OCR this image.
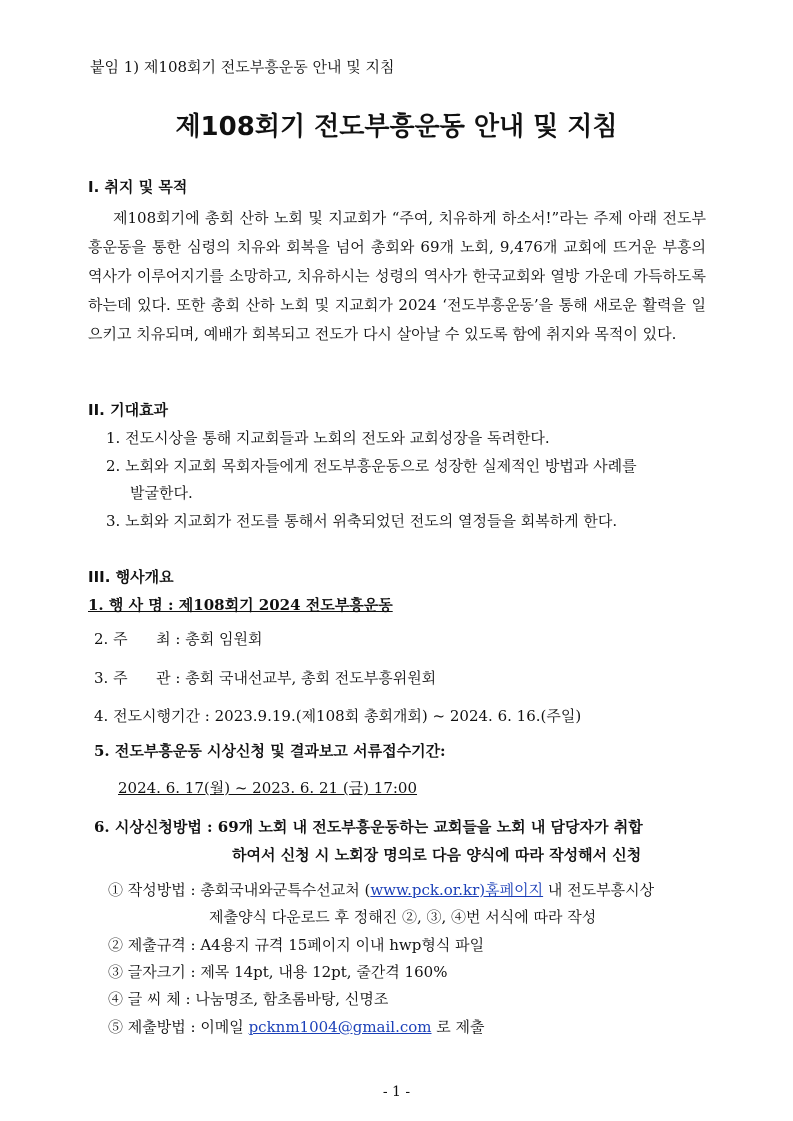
붙임 1) 제108회기 전도부흥운동 안내 및 지침
제108회기 전도부흥운동 안내 및 지침
I. 취지 및 목적

제108회기에 총회 산하 노회 및 지교회가 “주여, 치유하게 하소서!”라는 주제 아래 전도부흥운동을 통한 심령의 치유와 회복을 넘어 총회와 69개 노회, 9,476개 교회에 뜨거운 부흥의 역사가 이루어지기를 소망하고, 치유하시는 성령의 역사가 한국교회와 열방 가운데 가득하도록 하는데 있다. 또한 총회 산하 노회 및 지교회가 2024 ‘전도부흥운동’을 통해 새로운 활력을 일으키고 치유되며, 예배가 회복되고 전도가 다시 살아날 수 있도록 함에 취지와 목적이 있다.

II. 기대효과
1. 전도시상을 통해 지교회들과 노회의 전도와 교회성장을 독려한다.
2. 노회와 지교회 목회자들에게 전도부흥운동으로 성장한 실제적인 방법과 사례를
발굴한다.
3. 노회와 지교회가 전도를 통해서 위축되었던 전도의 열정들을 회복하게 한다.
III. 행사개요
1. 행 사 명 : 제108회기 2024 전도부흥운동
2. 주      최 : 총회 임원회
3. 주      관 : 총회 국내선교부, 총회 전도부흥위원회
4. 전도시행기간 : 2023.9.19.(제108회 총회개회) ~ 2024. 6. 16.(주일)
5. 전도부흥운동 시상신청 및 결과보고 서류접수기간:
2024. 6. 17(월) ~ 2023. 6. 21 (금) 17:00
6. 시상신청방법 : 69개 노회 내 전도부흥운동하는 교회들을 노회 내 담당자가 취합
하여서 신청 시 노회장 명의로 다음 양식에 따라 작성해서 신청
① 작성방법 : 총회국내와군특수선교처 (www.pck.or.kr)홈페이지 내 전도부흥시상
제출양식 다운로드 후 정해진 ②, ③, ④번 서식에 따라 작성
② 제출규격 : A4용지 규격 15페이지 이내 hwp형식 파일
③ 글자크기 : 제목 14pt, 내용 12pt, 줄간격 160%
④ 글 씨 체 : 나눔명조, 함초롬바탕, 신명조
⑤ 제출방법 : 이메일 pcknm1004@gmail.com 로 제출
- 1 -
